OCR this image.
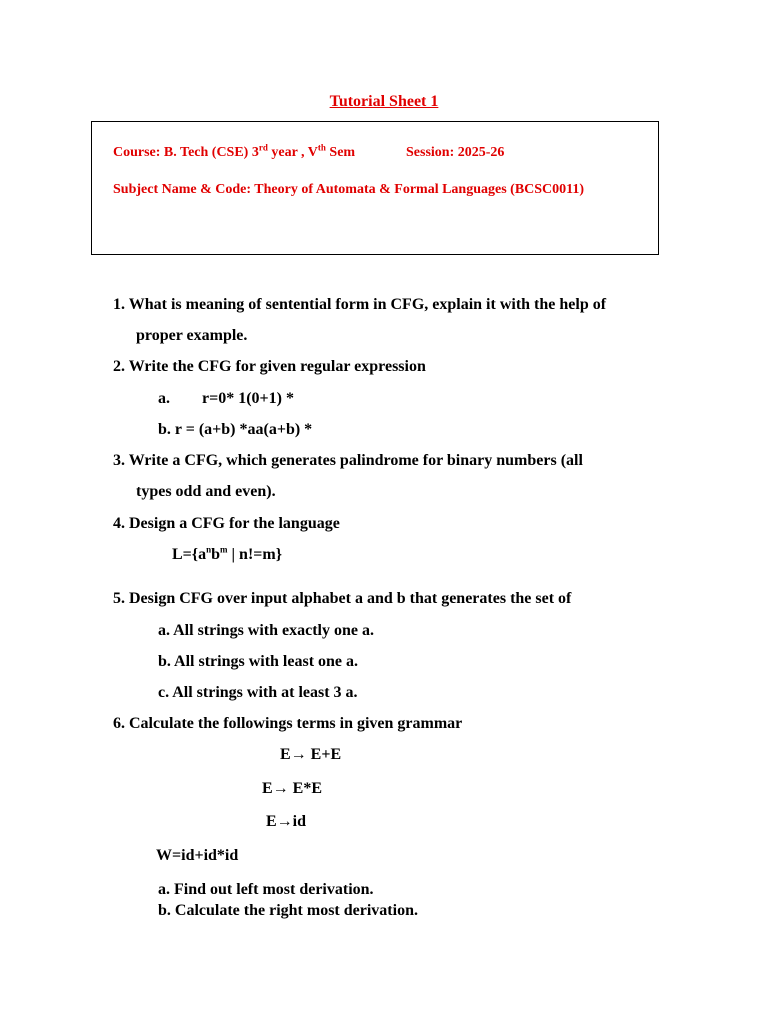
Tutorial Sheet 1
Course: B. Tech (CSE) 3rd year , Vth Sem	Session: 2025-26
Subject Name & Code: Theory of Automata & Formal Languages (BCSC0011)
1. What is meaning of sentential form in CFG, explain it with the help of
proper example.
2. Write the CFG for given regular expression
a. r=0* 1(0+1) *
b. r = (a+b) *aa(a+b) *
3. Write a CFG, which generates palindrome for binary numbers (all
types odd and even).
4. Design a CFG for the language
$L=\{a^nb^m$ | n!=m}
5. Design CFG over input alphabet a and b that generates the set of
a. All strings with exactly one a.
b. All strings with least one a.
c. All strings with at least 3 a.
6. Calculate the followings terms in given grammar
E→ E+E
E→ E*E
E→id
W=id+id*id
a. Find out left most derivation.
b. Calculate the right most derivation.
